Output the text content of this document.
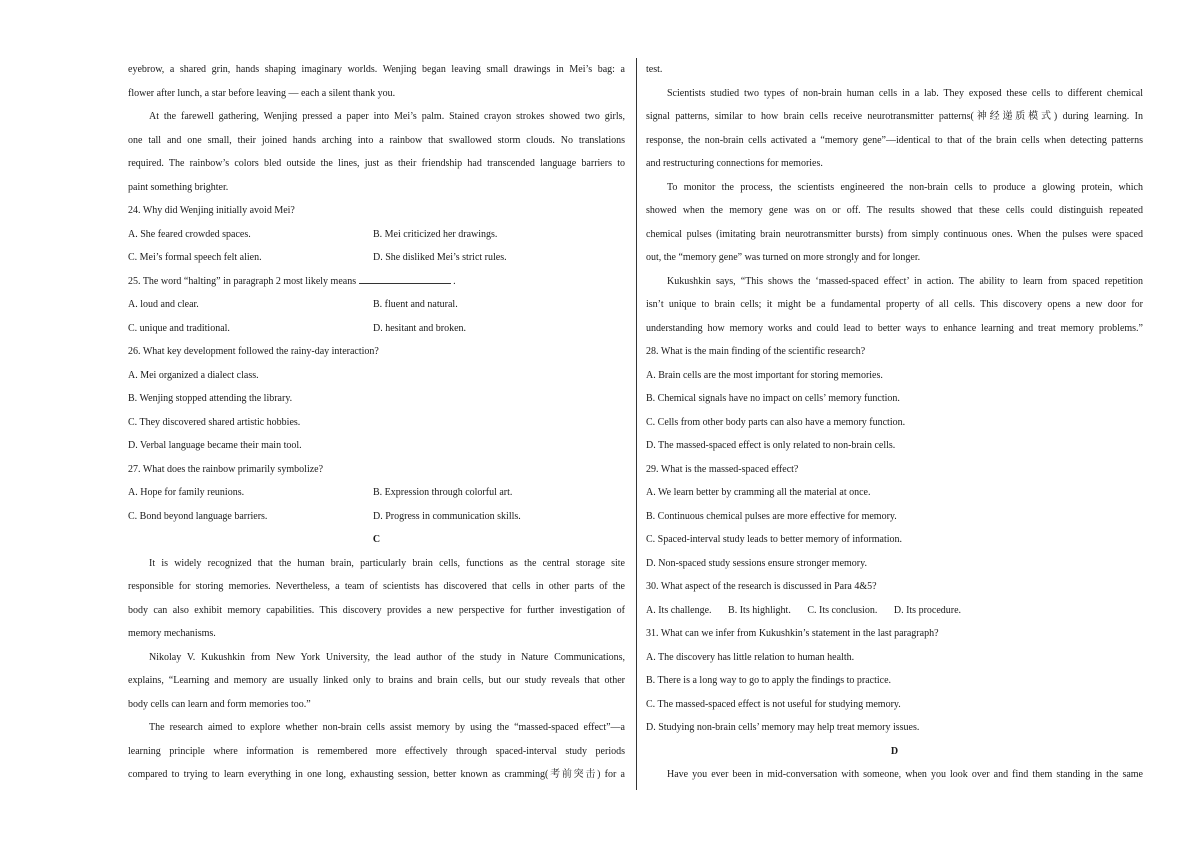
eyebrow, a shared grin, hands shaping imaginary worlds. Wenjing began leaving small drawings in Mei’s bag: a
flower after lunch, a star before leaving — each a silent thank you.
At the farewell gathering, Wenjing pressed a paper into Mei’s palm. Stained crayon strokes showed two girls,
one tall and one small, their joined hands arching into a rainbow that swallowed storm clouds. No translations
required. The rainbow’s colors bled outside the lines, just as their friendship had transcended language barriers to
paint something brighter.
24. Why did Wenjing initially avoid Mei?
A. She feared crowded spaces.	B. Mei criticized her drawings.
C. Mei’s formal speech felt alien.	D. She disliked Mei’s strict rules.
25. The word “halting” in paragraph 2 most likely means	.
A. loud and clear.	B. fluent and natural.
C. unique and traditional.	D. hesitant and broken.
26. What key development followed the rainy-day interaction?
A. Mei organized a dialect class.
B. Wenjing stopped attending the library.
C. They discovered shared artistic hobbies.
D. Verbal language became their main tool.
27. What does the rainbow primarily symbolize?
A. Hope for family reunions.	B. Expression through colorful art.
C. Bond beyond language barriers.	D. Progress in communication skills.
C
It is widely recognized that the human brain, particularly brain cells, functions as the central storage site
responsible for storing memories. Nevertheless, a team of scientists has discovered that cells in other parts of the
body can also exhibit memory capabilities. This discovery provides a new perspective for further investigation of
memory mechanisms.
Nikolay V. Kukushkin from New York University, the lead author of the study in Nature Communications,
explains, “Learning and memory are usually linked only to brains and brain cells, but our study reveals that other
body cells can learn and form memories too.”
The research aimed to explore whether non-brain cells assist memory by using the “massed-spaced effect”—a
learning principle where information is remembered more effectively through spaced-interval study periods
compared to trying to learn everything in one long, exhausting session, better known as cramming(考前突击) for a
test.
Scientists studied two types of non-brain human cells in a lab. They exposed these cells to different chemical
signal patterns, similar to how brain cells receive neurotransmitter patterns(神经递质模式) during learning. In
response, the non-brain cells activated a “memory gene”—identical to that of the brain cells when detecting patterns
and restructuring connections for memories.
To monitor the process, the scientists engineered the non-brain cells to produce a glowing protein, which
showed when the memory gene was on or off. The results showed that these cells could distinguish repeated
chemical pulses (imitating brain neurotransmitter bursts) from simply continuous ones. When the pulses were spaced
out, the “memory gene” was turned on more strongly and for longer.
Kukushkin says, “This shows the ‘massed-spaced effect’ in action. The ability to learn from spaced repetition
isn’t unique to brain cells; it might be a fundamental property of all cells. This discovery opens a new door for
understanding how memory works and could lead to better ways to enhance learning and treat memory problems.”
28. What is the main finding of the scientific research?
A. Brain cells are the most important for storing memories.
B. Chemical signals have no impact on cells’ memory function.
C. Cells from other body parts can also have a memory function.
D. The massed-spaced effect is only related to non-brain cells.
29. What is the massed-spaced effect?
A. We learn better by cramming all the material at once.
B. Continuous chemical pulses are more effective for memory.
C. Spaced-interval study leads to better memory of information.
D. Non-spaced study sessions ensure stronger memory.
30. What aspect of the research is discussed in Para 4&5?
A. Its challenge. B. Its highlight. C. Its conclusion. D. Its procedure.
31. What can we infer from Kukushkin’s statement in the last paragraph?
A. The discovery has little relation to human health.
B. There is a long way to go to apply the findings to practice.
C. The massed-spaced effect is not useful for studying memory.
D. Studying non-brain cells’ memory may help treat memory issues.
D
Have you ever been in mid-conversation with someone, when you look over and find them standing in the same
